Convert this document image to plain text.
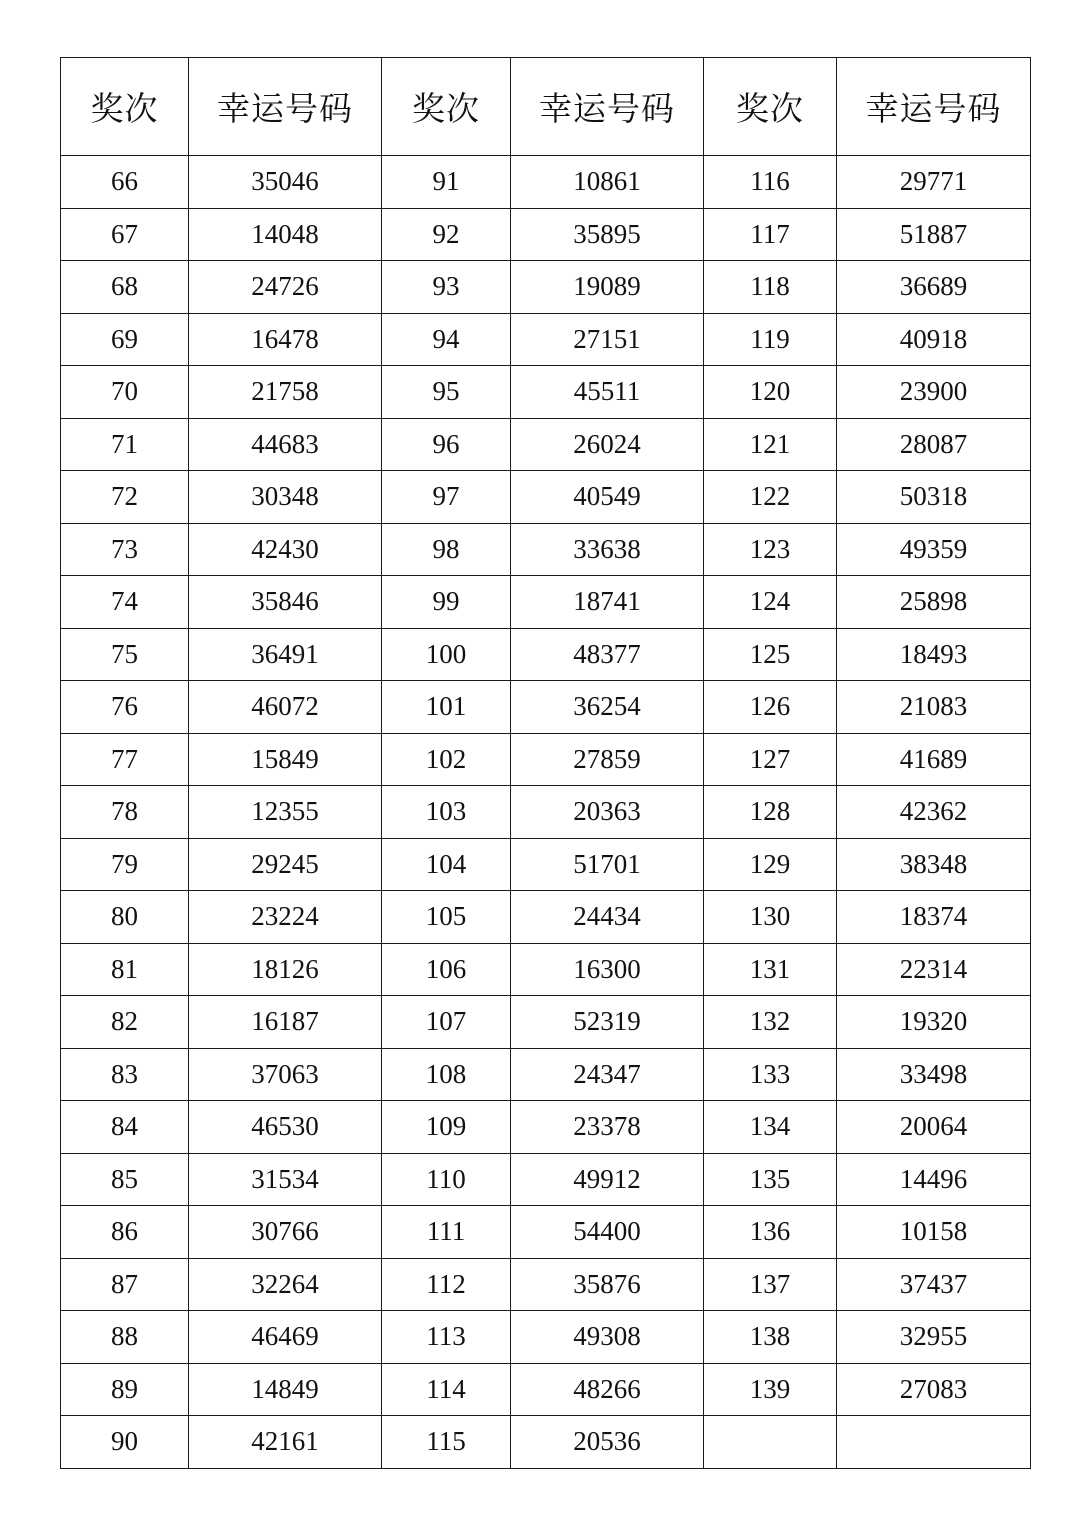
奖次	幸运号码	奖次	幸运号码	奖次	幸运号码
66	35046	91	10861	116	29771
67	14048	92	35895	117	51887
68	24726	93	19089	118	36689
69	16478	94	27151	119	40918
70	21758	95	45511	120	23900
71	44683	96	26024	121	28087
72	30348	97	40549	122	50318
73	42430	98	33638	123	49359
74	35846	99	18741	124	25898
75	36491	100	48377	125	18493
76	46072	101	36254	126	21083
77	15849	102	27859	127	41689
78	12355	103	20363	128	42362
79	29245	104	51701	129	38348
80	23224	105	24434	130	18374
81	18126	106	16300	131	22314
82	16187	107	52319	132	19320
83	37063	108	24347	133	33498
84	46530	109	23378	134	20064
85	31534	110	49912	135	14496
86	30766	111	54400	136	10158
87	32264	112	35876	137	37437
88	46469	113	49308	138	32955
89	14849	114	48266	139	27083
90	42161	115	20536		
